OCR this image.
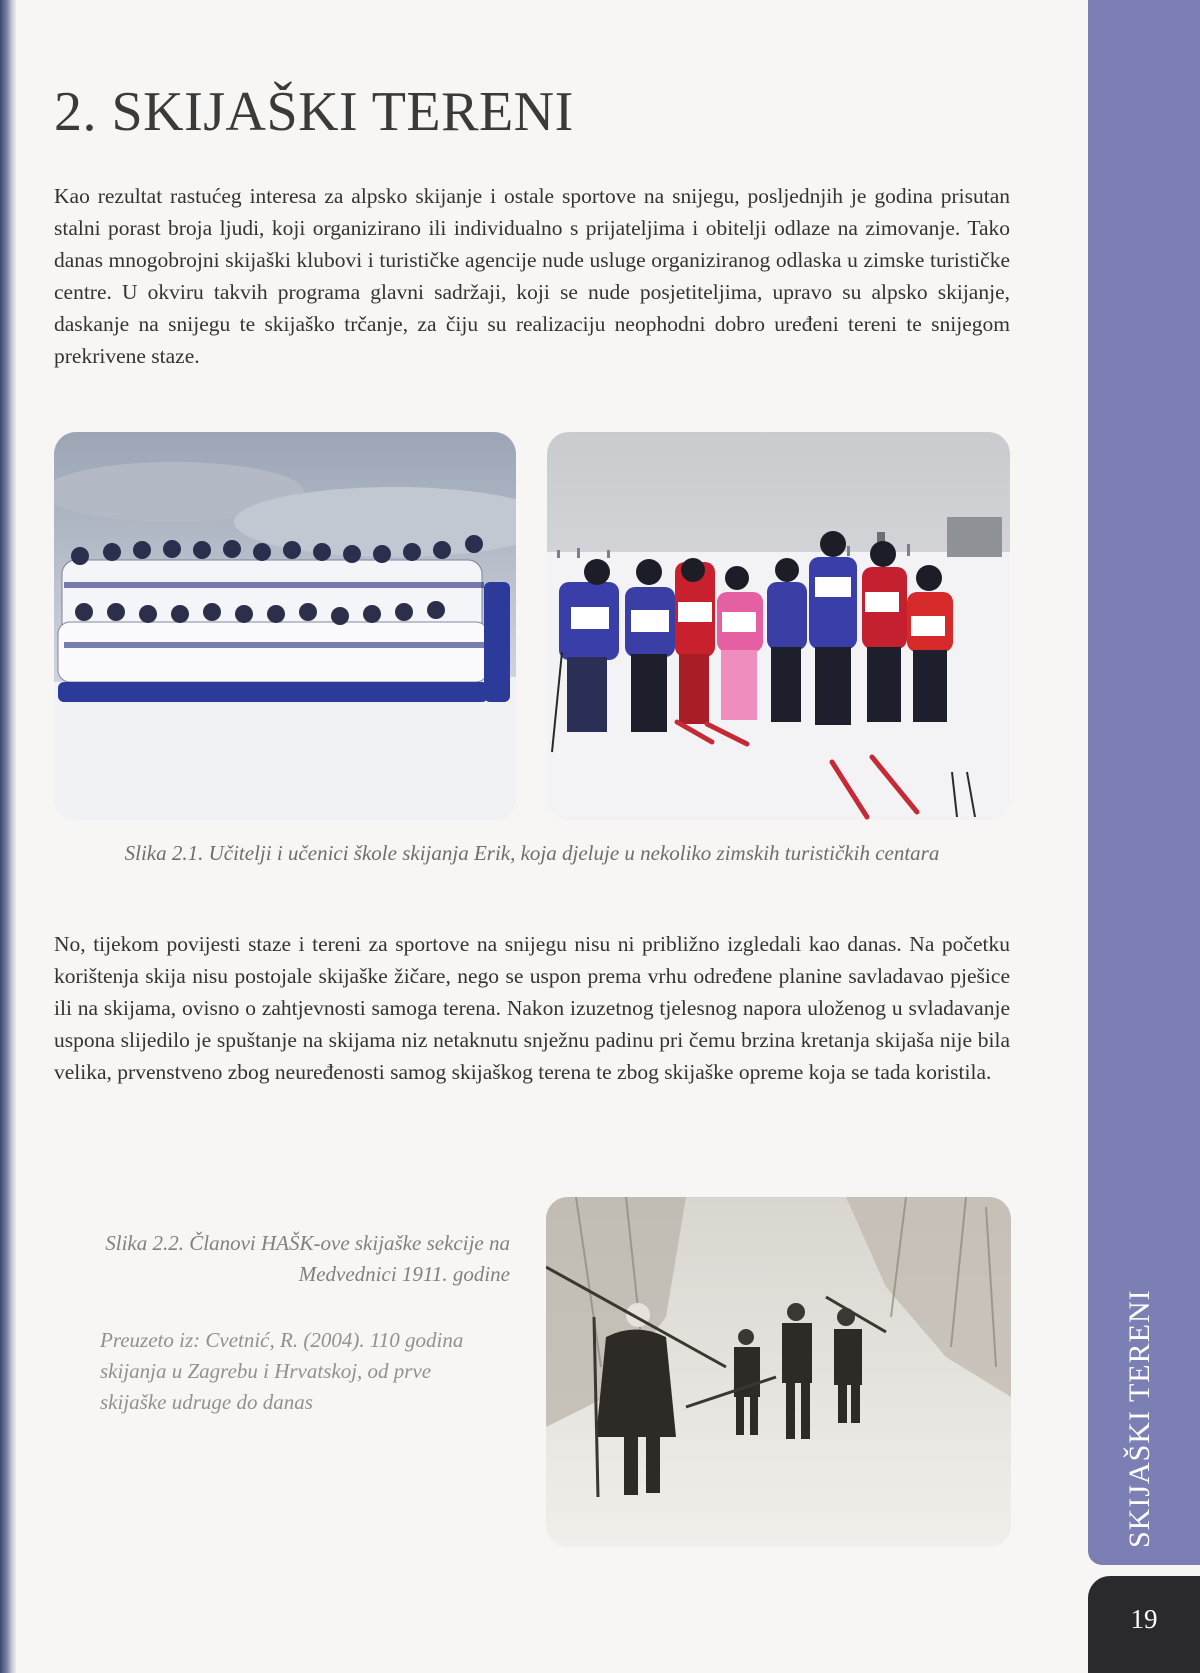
2. SKIJAŠKI TERENI

Kao rezultat rastućeg interesa za alpsko skijanje i ostale sportove na snijegu, posljednjih je godina prisutan stalni porast broja ljudi, koji organizirano ili individualno s prijateljima i obitelji odlaze na zimovanje. Tako danas mnogobrojni skijaški klubovi i turističke agencije nude usluge organiziranog odlaska u zimske turističke centre. U okviru takvih programa glavni sadržaji, koji se nude posjetiteljima, upravo su alpsko skijanje, daskanje na snijegu te skijaško trčanje, za čiju su realizaciju neophodni dobro uređeni tereni te snijegom prekrivene staze.

Slika 2.1. Učitelji i učenici škole skijanja Erik, koja djeluje u nekoliko zimskih turističkih centara

No, tijekom povijesti staze i tereni za sportove na snijegu nisu ni približno izgledali kao danas. Na početku korištenja skija nisu postojale skijaške žičare, nego se uspon prema vrhu određene planine savladavao pješice ili na skijama, ovisno o zahtjevnosti samoga terena. Nakon izuzetnog tjelesnog napora uloženog u svladavanje uspona slijedilo je spuštanje na skijama niz netaknutu snježnu padinu pri čemu brzina kretanja skijaša nije bila velika, prvenstveno zbog neuređenosti samog skijaškog terena te zbog skijaške opreme koja se tada koristila.

Slika 2.2. Članovi HAŠK-ove skijaške sekcije na Medvednici 1911. godine

Preuzeto iz: Cvetnić, R. (2004). 110 godina skijanja u Zagrebu i Hrvatskoj, od prve skijaške udruge do danas	SKIJAŠKI TERENI
19
